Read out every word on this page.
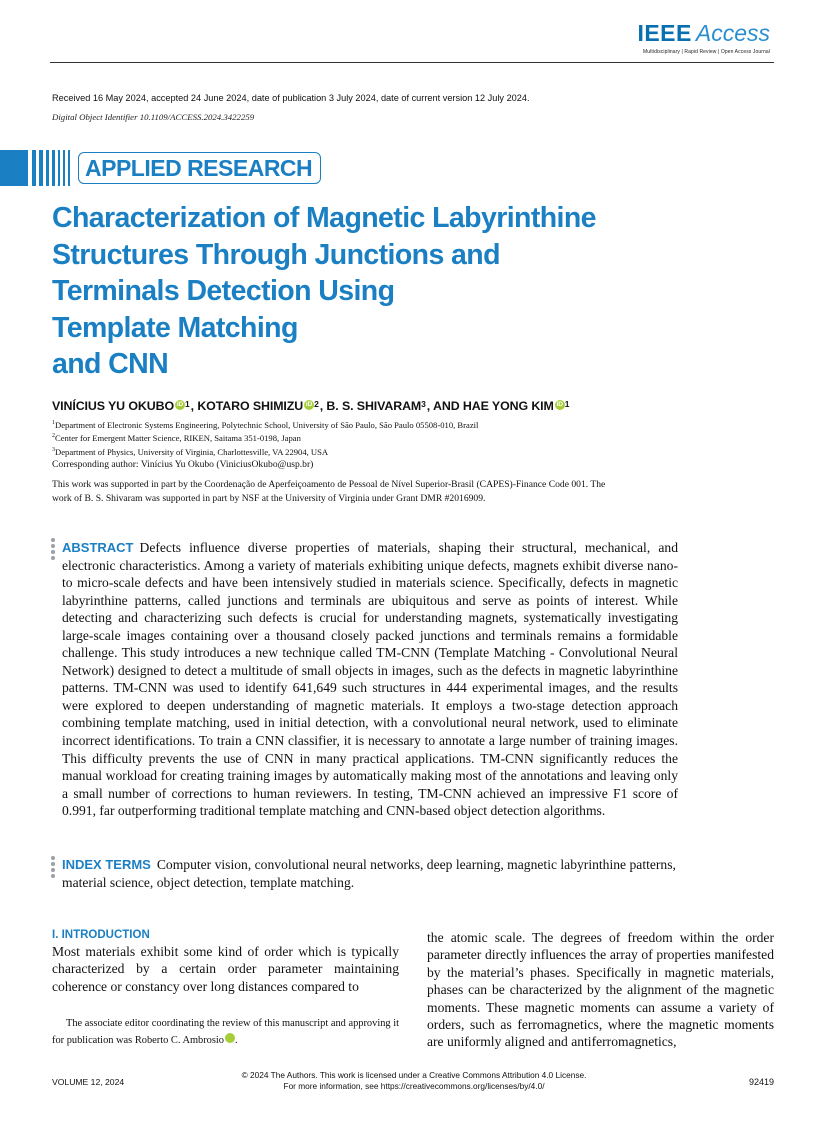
IEEE Access
Multidisciplinary | Rapid Review | Open Access Journal
Received 16 May 2024, accepted 24 June 2024, date of publication 3 July 2024, date of current version 12 July 2024.
Digital Object Identifier 10.1109/ACCESS.2024.3422259
APPLIED RESEARCH
Characterization of Magnetic Labyrinthine
Structures Through Junctions and
Terminals Detection Using
Template Matching
and CNN
VINÍCIUS YU OKUBO iD $^1$, KOTARO SHIMIZU iD $^2$, B. S. SHIVARAM$^3$, AND HAE YONG KIM iD $^1$
$^1$Department of Electronic Systems Engineering, Polytechnic School, University of São Paulo, São Paulo 05508-010, Brazil
$^2$Center for Emergent Matter Science, RIKEN, Saitama 351-0198, Japan
$^3$Department of Physics, University of Virginia, Charlottesville, VA 22904, USA
Corresponding author: Vinícius Yu Okubo (ViniciusOkubo@usp.br)
This work was supported in part by the Coordenação de Aperfeiçoamento de Pessoal de Nível Superior-Brasil (CAPES)-Finance Code 001. The work of B. S. Shivaram was supported in part by NSF at the University of Virginia under Grant DMR #2016909.
ABSTRACT Defects influence diverse properties of materials, shaping their structural, mechanical, and electronic characteristics. Among a variety of materials exhibiting unique defects, magnets exhibit diverse nano- to micro-scale defects and have been intensively studied in materials science. Specifically, defects in magnetic labyrinthine patterns, called junctions and terminals are ubiquitous and serve as points of interest. While detecting and characterizing such defects is crucial for understanding magnets, systematically investigating large-scale images containing over a thousand closely packed junctions and terminals remains a formidable challenge. This study introduces a new technique called TM-CNN (Template Matching - Convolutional Neural Network) designed to detect a multitude of small objects in images, such as the defects in magnetic labyrinthine patterns. TM-CNN was used to identify 641,649 such structures in 444 experimental images, and the results were explored to deepen understanding of magnetic materials. It employs a two-stage detection approach combining template matching, used in initial detection, with a convolutional neural network, used to eliminate incorrect identifications. To train a CNN classifier, it is necessary to annotate a large number of training images. This difficulty prevents the use of CNN in many practical applications. TM-CNN significantly reduces the manual workload for creating training images by automatically making most of the annotations and leaving only a small number of corrections to human reviewers. In testing, TM-CNN achieved an impressive F1 score of 0.991, far outperforming traditional template matching and CNN-based object detection algorithms.
INDEX TERMS Computer vision, convolutional neural networks, deep learning, magnetic labyrinthine patterns, material science, object detection, template matching.
I. INTRODUCTION
Most materials exhibit some kind of order which is typically characterized by a certain order parameter maintaining coherence or constancy over long distances compared to
The associate editor coordinating the review of this manuscript and approving it for publication was Roberto C. Ambrosio iD.
the atomic scale. The degrees of freedom within the order parameter directly influences the array of properties manifested by the material’s phases. Specifically in magnetic materials, phases can be characterized by the alignment of the magnetic moments. These magnetic moments can assume a variety of orders, such as ferromagnetics, where the magnetic moments are uniformly aligned and antiferromagnetics,
VOLUME 12, 2024
© 2024 The Authors. This work is licensed under a Creative Commons Attribution 4.0 License.
For more information, see https://creativecommons.org/licenses/by/4.0/	92419
